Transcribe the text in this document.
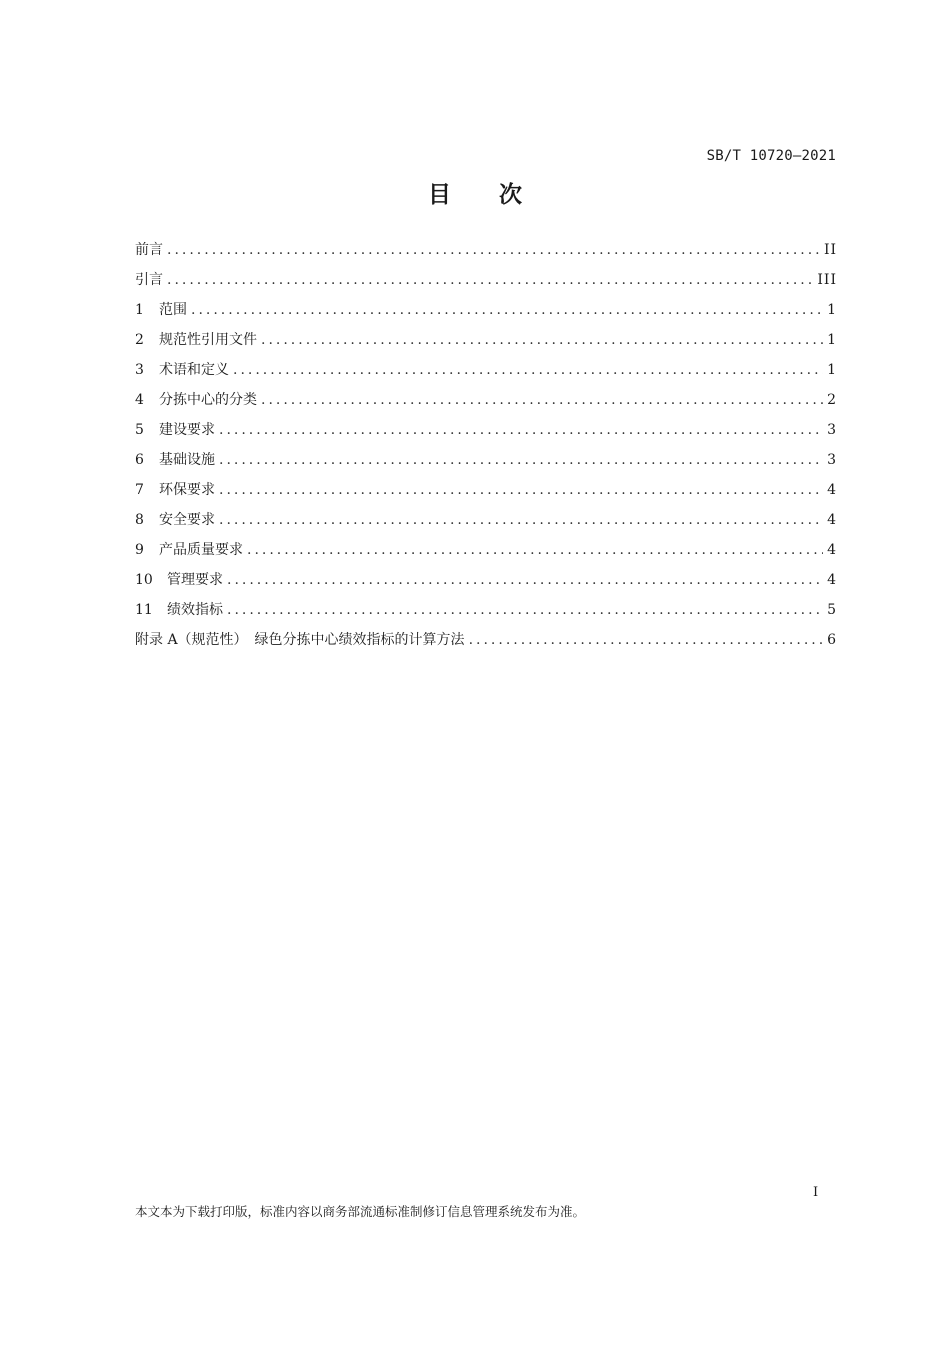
SB/T 10720—2021
目次
前言 .....	II
引言 .....	III
1	范围 .....	1
2	规范性引用文件 .....	1
3	术语和定义 .....	1
4	分拣中心的分类 .....	2
5	建设要求 .....	3
6	基础设施 .....	3
7	环保要求 .....	4
8	安全要求 .....	4
9	产品质量要求 .....	4
10	管理要求 .....	4
11	绩效指标 .....	5
附录 A（规范性）　绿色分拣中心绩效指标的计算方法 .....	6
I
本文本为下载打印版，标准内容以商务部流通标准制修订信息管理系统发布为准。
